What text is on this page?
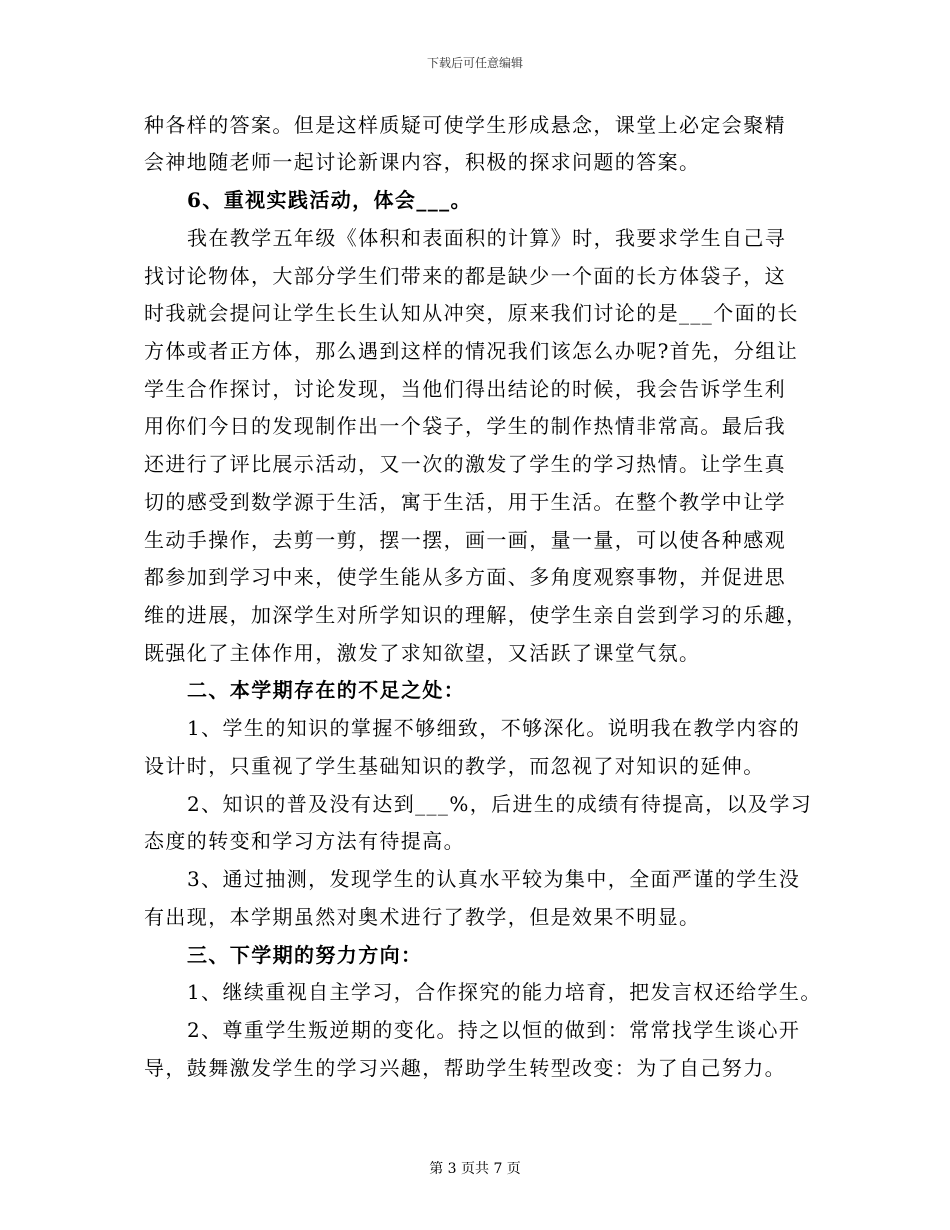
下载后可任意编辑
种各样的答案。但是这样质疑可使学生形成悬念，课堂上必定会聚精
会神地随老师一起讨论新课内容，积极的探求问题的答案。
6、重视实践活动，体会___。
我在教学五年级《体积和表面积的计算》时，我要求学生自己寻
找讨论物体，大部分学生们带来的都是缺少一个面的长方体袋子，这
时我就会提问让学生长生认知从冲突，原来我们讨论的是___个面的长
方体或者正方体，那么遇到这样的情况我们该怎么办呢?首先，分组让
学生合作探讨，讨论发现，当他们得出结论的时候，我会告诉学生利
用你们今日的发现制作出一个袋子，学生的制作热情非常高。最后我
还进行了评比展示活动，又一次的激发了学生的学习热情。让学生真
切的感受到数学源于生活，寓于生活，用于生活。在整个教学中让学
生动手操作，去剪一剪，摆一摆，画一画，量一量，可以使各种感观
都参加到学习中来，使学生能从多方面、多角度观察事物，并促进思
维的进展，加深学生对所学知识的理解，使学生亲自尝到学习的乐趣，
既强化了主体作用，激发了求知欲望，又活跃了课堂气氛。
二、本学期存在的不足之处：
1、学生的知识的掌握不够细致，不够深化。说明我在教学内容的
设计时，只重视了学生基础知识的教学，而忽视了对知识的延伸。
2、知识的普及没有达到___%，后进生的成绩有待提高，以及学习
态度的转变和学习方法有待提高。
3、通过抽测，发现学生的认真水平较为集中，全面严谨的学生没
有出现，本学期虽然对奥术进行了教学，但是效果不明显。
三、下学期的努力方向：
1、继续重视自主学习，合作探究的能力培育，把发言权还给学生。
2、尊重学生叛逆期的变化。持之以恒的做到：常常找学生谈心开
导，鼓舞激发学生的学习兴趣，帮助学生转型改变：为了自己努力。
第 3 页共 7 页
